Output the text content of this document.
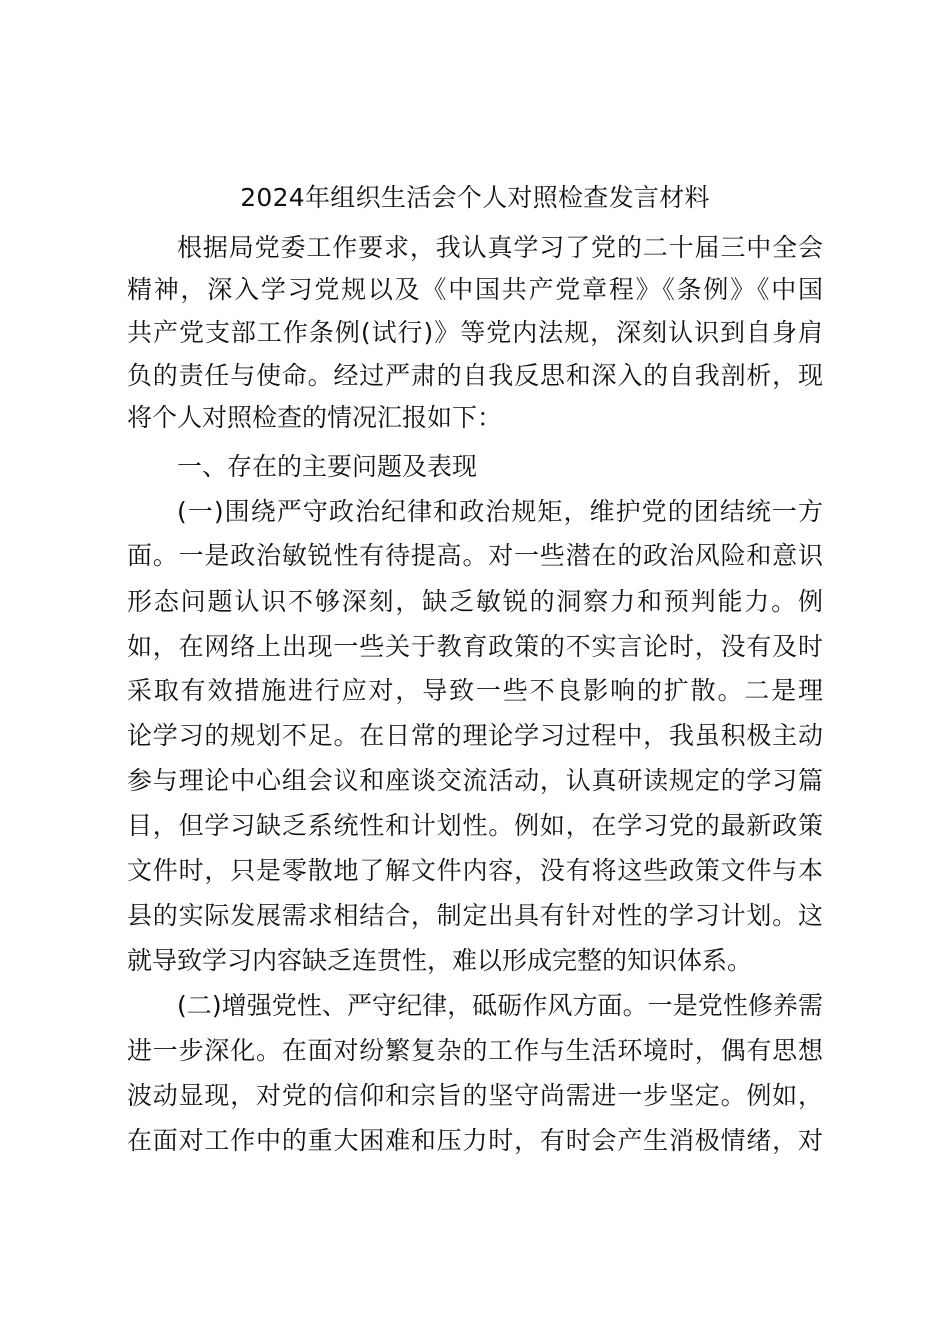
2024年组织生活会个人对照检查发言材料
根据局党委工作要求，我认真学习了党的二十届三中全会
精神，深入学习党规以及《中国共产党章程》《条例》《中国
共产党支部工作条例(试行)》等党内法规，深刻认识到自身肩
负的责任与使命。经过严肃的自我反思和深入的自我剖析，现
将个人对照检查的情况汇报如下：
一、存在的主要问题及表现
(一)围绕严守政治纪律和政治规矩，维护党的团结统一方
面。一是政治敏锐性有待提高。对一些潜在的政治风险和意识
形态问题认识不够深刻，缺乏敏锐的洞察力和预判能力。例
如，在网络上出现一些关于教育政策的不实言论时，没有及时
采取有效措施进行应对，导致一些不良影响的扩散。二是理
论学习的规划不足。在日常的理论学习过程中，我虽积极主动
参与理论中心组会议和座谈交流活动，认真研读规定的学习篇
目，但学习缺乏系统性和计划性。例如，在学习党的最新政策
文件时，只是零散地了解文件内容，没有将这些政策文件与本
县的实际发展需求相结合，制定出具有针对性的学习计划。这
就导致学习内容缺乏连贯性，难以形成完整的知识体系。
(二)增强党性、严守纪律，砥砺作风方面。一是党性修养需
进一步深化。在面对纷繁复杂的工作与生活环境时，偶有思想
波动显现，对党的信仰和宗旨的坚守尚需进一步坚定。例如，
在面对工作中的重大困难和压力时，有时会产生消极情绪，对
